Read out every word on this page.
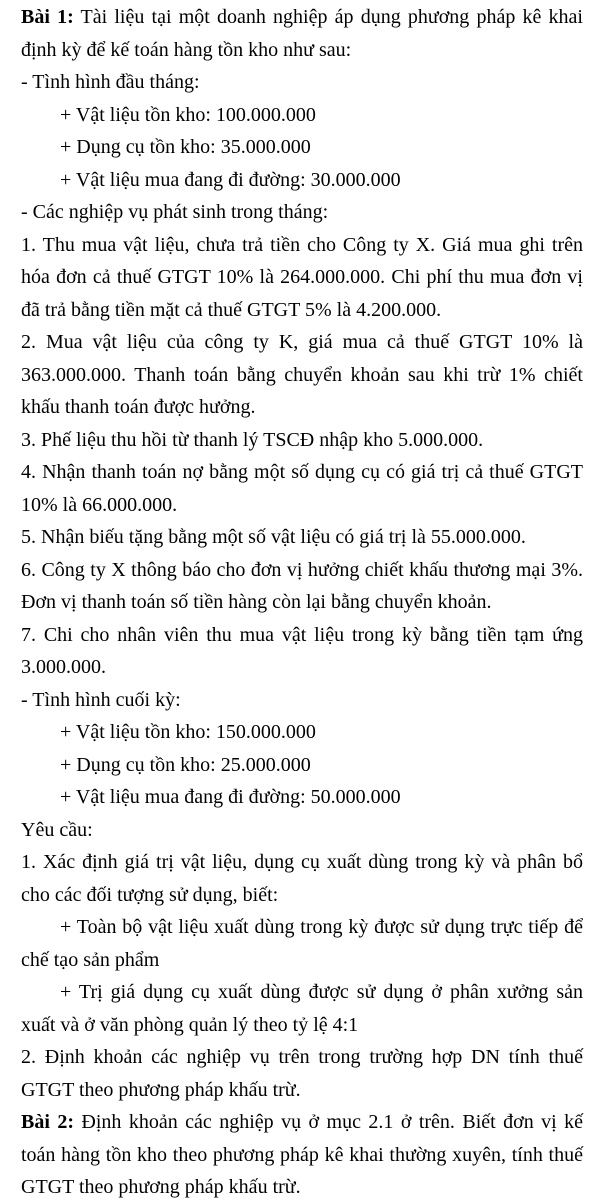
Bài 1: Tài liệu tại một doanh nghiệp áp dụng phương pháp kê khai định kỳ để kế toán hàng tồn kho như sau:

- Tình hình đầu tháng:

+ Vật liệu tồn kho: 100.000.000

+ Dụng cụ tồn kho: 35.000.000

+ Vật liệu mua đang đi đường: 30.000.000

- Các nghiệp vụ phát sinh trong tháng:

1. Thu mua vật liệu, chưa trả tiền cho Công ty X. Giá mua ghi trên hóa đơn cả thuế GTGT 10% là 264.000.000. Chi phí thu mua đơn vị đã trả bằng tiền mặt cả thuế GTGT 5% là 4.200.000.

2. Mua vật liệu của công ty K, giá mua cả thuế GTGT 10% là 363.000.000. Thanh toán bằng chuyển khoản sau khi trừ 1% chiết khấu thanh toán được hưởng.

3. Phế liệu thu hồi từ thanh lý TSCĐ nhập kho 5.000.000.

4. Nhận thanh toán nợ bằng một số dụng cụ có giá trị cả thuế GTGT 10% là 66.000.000.

5. Nhận biếu tặng bằng một số vật liệu có giá trị là 55.000.000.

6. Công ty X thông báo cho đơn vị hưởng chiết khấu thương mại 3%. Đơn vị thanh toán số tiền hàng còn lại bằng chuyển khoản.

7. Chi cho nhân viên thu mua vật liệu trong kỳ bằng tiền tạm ứng 3.000.000.

- Tình hình cuối kỳ:

+ Vật liệu tồn kho: 150.000.000

+ Dụng cụ tồn kho: 25.000.000

+ Vật liệu mua đang đi đường: 50.000.000

Yêu cầu:

1. Xác định giá trị vật liệu, dụng cụ xuất dùng trong kỳ và phân bổ cho các đối tượng sử dụng, biết:

+ Toàn bộ vật liệu xuất dùng trong kỳ được sử dụng trực tiếp để chế tạo sản phẩm

+ Trị giá dụng cụ xuất dùng được sử dụng ở phân xưởng sản xuất và ở văn phòng quản lý theo tỷ lệ 4:1

2. Định khoản các nghiệp vụ trên trong trường hợp DN tính thuế GTGT theo phương pháp khấu trừ.

Bài 2: Định khoản các nghiệp vụ ở mục 2.1 ở trên. Biết đơn vị kế toán hàng tồn kho theo phương pháp kê khai thường xuyên, tính thuế GTGT theo phương pháp khấu trừ.
